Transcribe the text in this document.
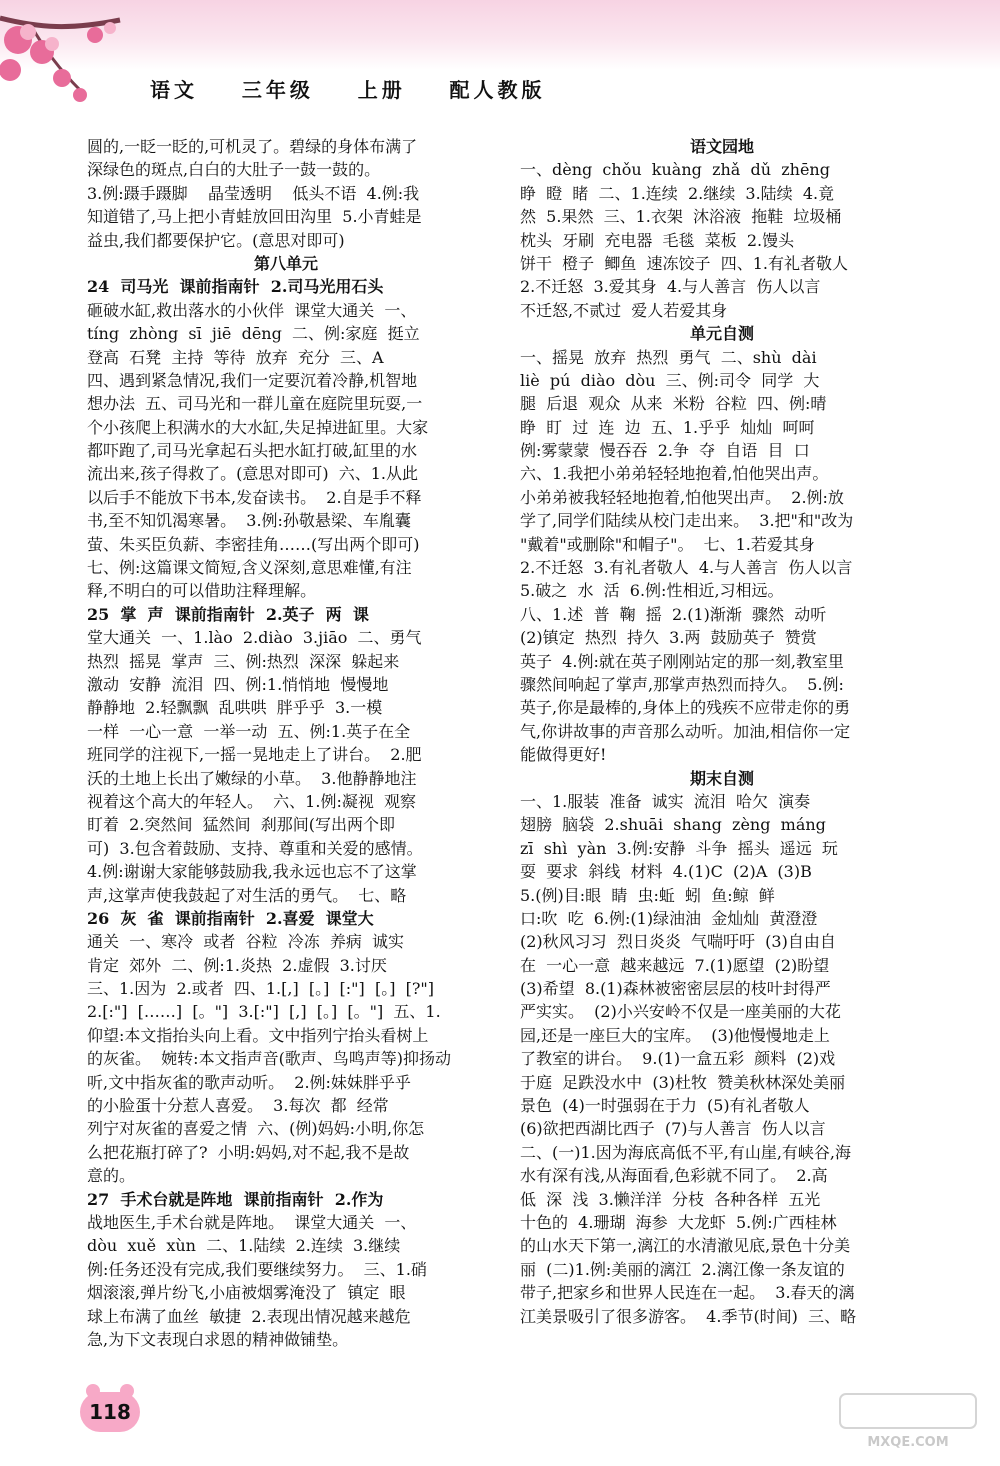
语文    三年级    上册    配人教版

圆的,一眨一眨的,可机灵了。碧绿的身体布满了

深绿色的斑点,白白的大肚子一鼓一鼓的。

3.例:蹑手蹑脚    晶莹透明    低头不语  4.例:我

知道错了,马上把小青蛙放回田沟里  5.小青蛙是

益虫,我们都要保护它。(意思对即可)

第八单元

24  司马光  课前指南针  2.司马光用石头

砸破水缸,救出落水的小伙伴  课堂大通关  一、

tíng  zhòng  sī  jiē  dēng  二、例:家庭  挺立

登高  石凳  主持  等待  放弃  充分  三、A

四、遇到紧急情况,我们一定要沉着冷静,机智地

想办法  五、司马光和一群儿童在庭院里玩耍,一

个小孩爬上积满水的大水缸,失足掉进缸里。大家

都吓跑了,司马光拿起石头把水缸打破,缸里的水

流出来,孩子得救了。(意思对即可)  六、1.从此

以后手不能放下书本,发奋读书。  2.自是手不释

书,至不知饥渴寒暑。  3.例:孙敬悬梁、车胤囊

萤、朱买臣负薪、李密挂角……(写出两个即可)

七、例:这篇课文简短,含义深刻,意思难懂,有注

释,不明白的可以借助注释理解。

25  掌  声  课前指南针  2.英子  两  课

堂大通关  一、1.lào  2.diào  3.jiāo  二、勇气

热烈  摇晃  掌声  三、例:热烈  深深  躲起来

激动  安静  流泪  四、例:1.悄悄地  慢慢地

静静地  2.轻飘飘  乱哄哄  胖乎乎  3.一模

一样  一心一意  一举一动  五、例:1.英子在全

班同学的注视下,一摇一晃地走上了讲台。  2.肥

沃的土地上长出了嫩绿的小草。  3.他静静地注

视着这个高大的年轻人。  六、1.例:凝视  观察

盯着  2.突然间  猛然间  刹那间(写出两个即

可)  3.包含着鼓励、支持、尊重和关爱的感情。

4.例:谢谢大家能够鼓励我,我永远也忘不了这掌

声,这掌声使我鼓起了对生活的勇气。  七、略

26  灰  雀  课前指南针  2.喜爱  课堂大

通关  一、寒冷  或者  谷粒  冷冻  养病  诚实

肯定  郊外  二、例:1.炎热  2.虚假  3.讨厌

三、1.因为  2.或者  四、1.[,]  [。]  [:"]  [。]  [?"]

2.[:"]  [……]  [。"]  3.[:"]  [,]  [。]  [。"]  五、1.

仰望:本文指抬头向上看。文中指列宁抬头看树上

的灰雀。  婉转:本文指声音(歌声、鸟鸣声等)抑扬动

听,文中指灰雀的歌声动听。  2.例:妹妹胖乎乎

的小脸蛋十分惹人喜爱。  3.每次  都  经常

列宁对灰雀的喜爱之情  六、(例)妈妈:小明,你怎

么把花瓶打碎了?  小明:妈妈,对不起,我不是故

意的。

27  手术台就是阵地  课前指南针  2.作为

战地医生,手术台就是阵地。  课堂大通关  一、

dòu  xuě  xùn  二、1.陆续  2.连续  3.继续

例:任务还没有完成,我们要继续努力。  三、1.硝

烟滚滚,弹片纷飞,小庙被烟雾淹没了  镇定  眼

球上布满了血丝  敏捷  2.表现出情况越来越危

急,为下文表现白求恩的精神做铺垫。

语文园地

一、dèng  chǒu  kuàng  zhǎ  dǔ  zhēng

睁  瞪  睹  二、1.连续  2.继续  3.陆续  4.竟

然  5.果然  三、1.衣架  沐浴液  拖鞋  垃圾桶

枕头  牙刷  充电器  毛毯  菜板  2.馒头

饼干  橙子  鲫鱼  速冻饺子  四、1.有礼者敬人

2.不迁怒  3.爱其身  4.与人善言  伤人以言

不迁怒,不贰过  爱人若爱其身

单元自测

一、摇晃  放弃  热烈  勇气  二、shù  dài

liè  pú  diào  dòu  三、例:司令  同学  大

腿  后退  观众  从来  米粉  谷粒  四、例:晴

睁  盯  过  连  边  五、1.乎乎  灿灿  呵呵

例:雾蒙蒙  慢吞吞  2.争  夺  自语  目  口

六、1.我把小弟弟轻轻地抱着,怕他哭出声。

小弟弟被我轻轻地抱着,怕他哭出声。  2.例:放

学了,同学们陆续从校门走出来。  3.把"和"改为

"戴着"或删除"和帽子"。  七、1.若爱其身

2.不迁怒  3.有礼者敬人  4.与人善言  伤人以言

5.破之  水  活  6.例:性相近,习相远。

八、1.述  普  鞠  摇  2.(1)渐渐  骤然  动听

(2)镇定  热烈  持久  3.两  鼓励英子  赞赏

英子  4.例:就在英子刚刚站定的那一刻,教室里

骤然间响起了掌声,那掌声热烈而持久。  5.例:

英子,你是最棒的,身体上的残疾不应带走你的勇

气,你讲故事的声音那么动听。加油,相信你一定

能做得更好!

期末自测

一、1.服装  准备  诚实  流泪  哈欠  演奏

翅膀  脑袋  2.shuāi  shang  zèng  máng

zī  shì  yàn  3.例:安静  斗争  摇头  遥远  玩

耍  要求  斜线  材料  4.(1)C  (2)A  (3)B

5.(例)目:眼  睛  虫:蚯  蚓  鱼:鲸  鲜

口:吹  吃  6.例:(1)绿油油  金灿灿  黄澄澄

(2)秋风习习  烈日炎炎  气喘吁吁  (3)自由自

在  一心一意  越来越远  7.(1)愿望  (2)盼望

(3)希望  8.(1)森林被密密层层的枝叶封得严

严实实。  (2)小兴安岭不仅是一座美丽的大花

园,还是一座巨大的宝库。  (3)他慢慢地走上

了教室的讲台。  9.(1)一盒五彩  颜料  (2)戏

于庭  足跌没水中  (3)杜牧  赞美秋林深处美丽

景色  (4)一时强弱在于力  (5)有礼者敬人

(6)欲把西湖比西子  (7)与人善言  伤人以言

二、(一)1.因为海底高低不平,有山崖,有峡谷,海

水有深有浅,从海面看,色彩就不同了。  2.高

低  深  浅  3.懒洋洋  分枝  各种各样  五光

十色的  4.珊瑚  海参  大龙虾  5.例:广西桂林

的山水天下第一,漓江的水清澈见底,景色十分美

丽  (二)1.例:美丽的漓江  2.漓江像一条友谊的

带子,把家乡和世界人民连在一起。  3.春天的漓

江美景吸引了很多游客。  4.季节(时间)  三、略

118
MXQE.COM
